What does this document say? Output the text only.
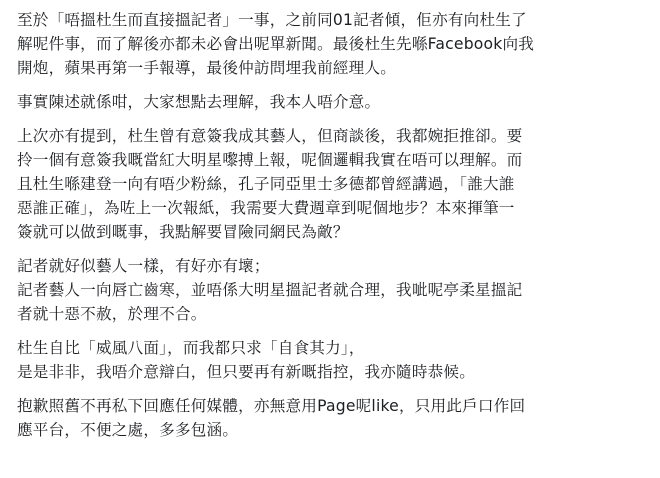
至於「唔搵杜生而直接搵記者」一事，之前同01記者傾，佢亦有向杜生了
解呢件事，而了解後亦都未必會出呢單新聞。最後杜生先喺Facebook向我
開炮，蘋果再第一手報導，最後仲訪問埋我前經理人。

事實陳述就係咁，大家想點去理解，我本人唔介意。

上次亦有提到，杜生曾有意簽我成其藝人，但商談後，我都婉拒推卻。要
拎一個有意簽我嘅當紅大明星嚟搏上報，呢個邏輯我實在唔可以理解。而
且杜生喺建登一向有唔少粉絲，孔子同亞里士多德都曾經講過，「誰大誰
惡誰正確」，為咗上一次報紙，我需要大費週章到呢個地步？本來揮筆一
簽就可以做到嘅事，我點解要冒險同網民為敵？

記者就好似藝人一樣，有好亦有壞；
記者藝人一向唇亡齒寒，並唔係大明星搵記者就合理，我呲呢亭柔星搵記
者就十惡不赦，於理不合。

杜生自比「威風八面」，而我都只求「自食其力」，
是是非非，我唔介意辯白，但只要再有新嘅指控，我亦隨時恭候。

抱歉照舊不再私下回應任何媒體，亦無意用Page呢like，只用此戶口作回
應平台，不便之處，多多包涵。
